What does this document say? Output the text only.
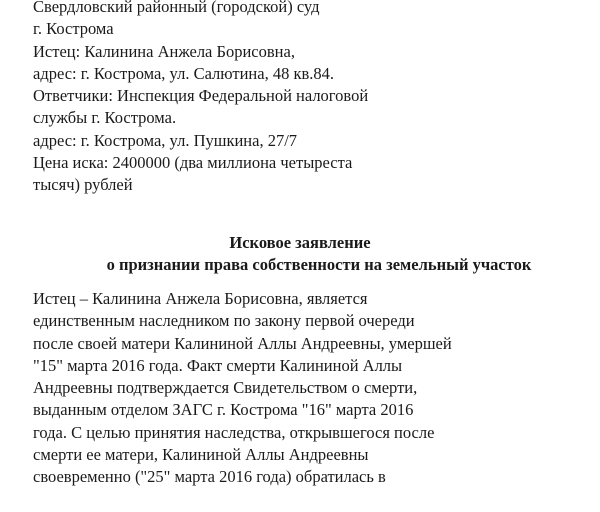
Свердловский районный (городской) суд
г. Кострома
Истец: Калинина Анжела Борисовна,
адрес: г. Кострома, ул. Салютина, 48 кв.84.
Ответчики: Инспекция Федеральной налоговой
службы г. Кострома.
адрес: г. Кострома, ул. Пушкина, 27/7
Цена иска: 2400000 (два миллиона четыреста
тысяч) рублей
Исковое заявление
о признании права собственности на земельный участок
Истец – Калинина Анжела Борисовна, является
единственным наследником по закону первой очереди
после своей матери Калининой Аллы Андреевны, умершей
"15" марта 2016 года. Факт смерти Калининой Аллы
Андреевны подтверждается Свидетельством о смерти,
выданным отделом ЗАГС г. Кострома "16" марта 2016
года. С целью принятия наследства, открывшегося после
смерти ее матери, Калининой Аллы Андреевны
своевременно ("25" марта 2016 года) обратилась в
